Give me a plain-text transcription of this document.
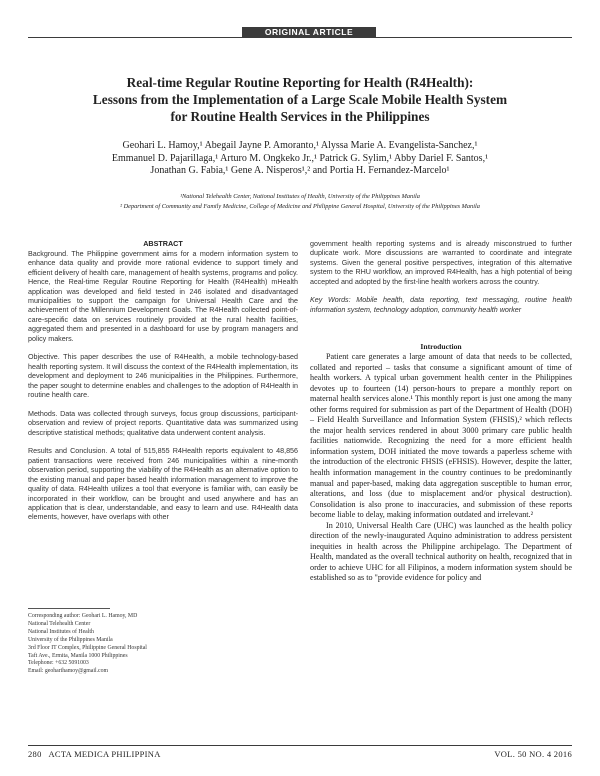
ORIGINAL ARTICLE
Real-time Regular Routine Reporting for Health (R4Health):
Lessons from the Implementation of a Large Scale Mobile Health System
for Routine Health Services in the Philippines
Geohari L. Hamoy,¹ Abegail Jayne P. Amoranto,¹ Alyssa Marie A. Evangelista-Sanchez,¹
Emmanuel D. Pajarillaga,¹ Arturo M. Ongkeko Jr.,¹ Patrick G. Sylim,¹ Abby Dariel F. Santos,¹
Jonathan G. Fabia,¹ Gene A. Nisperos¹,² and Portia H. Fernandez-Marcelo¹
¹National Telehealth Center, National Institutes of Health, University of the Philippines Manila
² Department of Community and Family Medicine, College of Medicine and Philippine General Hospital, University of the Philippines Manila
ABSTRACT

Background. The Philippine government aims for a modern information system to enhance data quality and provide more rational evidence to support timely and efficient delivery of health care, management of health systems, programs and policy. Hence, the Real-time Regular Routine Reporting for Health (R4Health) mHealth application was developed and field tested in 246 isolated and disadvantaged municipalities to support the campaign for Universal Health Care and the achievement of the Millennium Development Goals. The R4Health collected point-of-care-specific data on services routinely provided at the rural health facilities, aggregated them and presented in a dashboard for use by program managers and policy makers.

Objective. This paper describes the use of R4Health, a mobile technology-based health reporting system. It will discuss the context of the R4Health implementation, its development and deployment to 246 municipalities in the Philippines. Furthermore, the paper sought to determine enables and challenges to the adoption of R4Health in routine health care.

Methods. Data was collected through surveys, focus group discussions, participant-observation and review of project reports. Quantitative data was summarized using descriptive statistical methods; qualitative data underwent content analysis.

Results and Conclusion. A total of 515,855 R4Health reports equivalent to 48,856 patient transactions were received from 246 municipalities within a nine-month observation period, supporting the viability of the R4Health as an alternative option to the existing manual and paper based health information management to improve the quality of data. R4Health utilizes a tool that everyone is familiar with, can easily be incorporated in their workflow, can be brought and used anywhere and has an application that is clear, understandable, and easy to learn and use. R4Health data elements, however, have overlaps with other

government health reporting systems and is already misconstrued to further duplicate work. More discussions are warranted to coordinate and integrate systems. Given the general positive perspectives, integration of this alternative system to the RHU workflow, an improved R4Health, has a high potential of being accepted and adopted by the first-line health workers across the country.

Key Words: Mobile health, data reporting, text messaging, routine health information system, technology adoption, community health worker

Introduction

Patient care generates a large amount of data that needs to be collected, collated and reported – tasks that consume a significant amount of time of health workers. A typical urban government health center in the Philippines devotes up to fourteen (14) person-hours to prepare a monthly report on maternal health services alone.¹ This monthly report is just one among the many other forms required for submission as part of the Department of Health (DOH) – Field Health Surveillance and Information System (FHSIS),² which reflects the major health services rendered in about 3000 primary care public health facilities nationwide. Recognizing the need for a more efficient health information system, DOH initiated the move towards a paperless scheme with the introduction of the electronic FHSIS (eFHSIS). However, despite the latter, health information management in the country continues to be predominantly manual and paper-based, making data aggregation susceptible to human error, alterations, and loss (due to misplacement and/or physical destruction). Consolidation is also prone to inaccuracies, and submission of these reports become liable to delay, making information outdated and irrelevant.²

In 2010, Universal Health Care (UHC) was launched as the health policy direction of the newly-inaugurated Aquino administration to address persistent inequities in health across the Philippine archipelago. The Department of Health, mandated as the overall technical authority on health, recognized that in order to achieve UHC for all Filipinos, a modern information system should be established so as to "provide evidence for policy and

Corresponding author: Geohari L. Hamoy, MD
National Telehealth Center
National Institutes of Health
University of the Philippines Manila
3rd Floor IT Complex, Philippine General Hospital
Taft Ave., Ermita, Manila 1000 Philippines
Telephone: +632 5091003
Email: geoharihamoy@gmail.com
280   ACTA MEDICA PHILIPPINA	VOL. 50 NO. 4 2016
